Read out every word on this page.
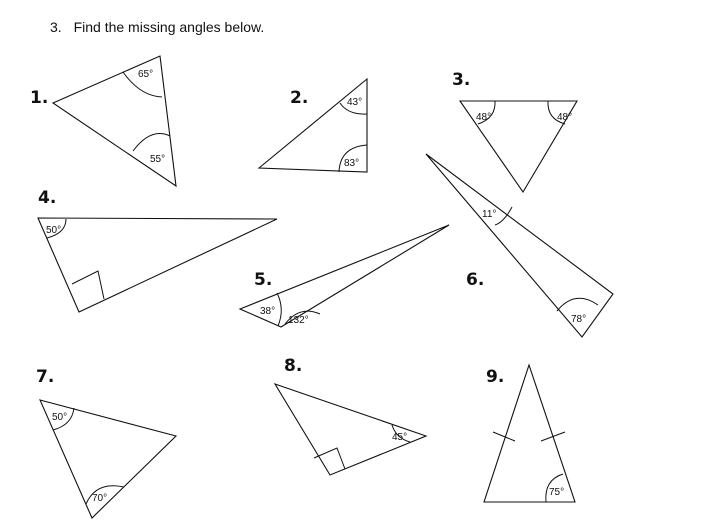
3. Find the missing angles below.
1.	2.
3.
4.
5.	6.
7.
8.
9.
65°
55°
43°
83°
48°	48°
50°
38°
132°
11°
78°
50°
70°
45°
75°
